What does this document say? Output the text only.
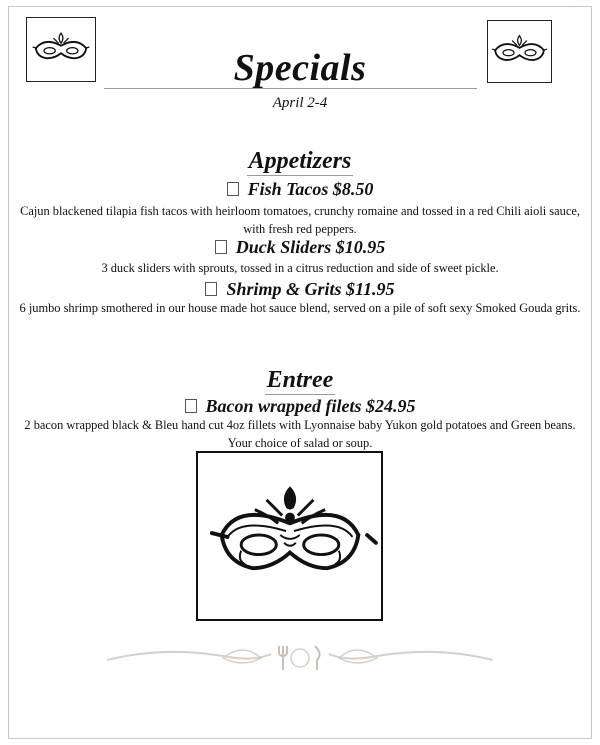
Specials
April 2-4
Appetizers
Fish Tacos $8.50
Cajun blackened tilapia fish tacos with heirloom tomatoes, crunchy romaine and tossed in a red Chili aioli sauce, with fresh red peppers.
Duck Sliders $10.95
3 duck sliders with sprouts, tossed in a citrus reduction and side of sweet pickle.
Shrimp & Grits $11.95
6 jumbo shrimp smothered in our house made hot sauce blend, served on a pile of soft sexy Smoked Gouda grits.
Entree
Bacon wrapped filets $24.95
2 bacon wrapped black & Bleu hand cut 4oz fillets with Lyonnaise baby Yukon gold potatoes and Green beans. Your choice of salad or soup.
